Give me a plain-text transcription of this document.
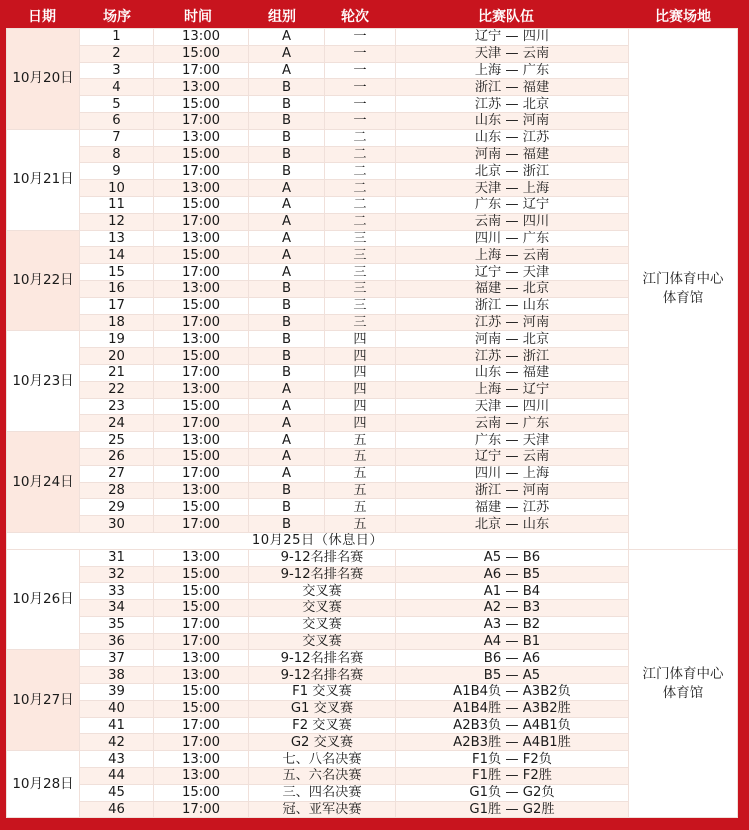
日期	场序	时间	组别	轮次	比赛队伍	比赛场地
10月20日	1	13:00	A	一	辽宁 — 四川	江门体育中心
体育馆
	2	15:00	A	一	天津 — 云南	
	3	17:00	A	一	上海 — 广东	
	4	13:00	B	一	浙江 — 福建	
	5	15:00	B	一	江苏 — 北京	
	6	17:00	B	一	山东 — 河南	
10月21日	7	13:00	B	二	山东 — 江苏	
	8	15:00	B	二	河南 — 福建	
	9	17:00	B	二	北京 — 浙江	
	10	13:00	A	二	天津 — 上海	
	11	15:00	A	二	广东 — 辽宁	
	12	17:00	A	二	云南 — 四川	
10月22日	13	13:00	A	三	四川 — 广东	
	14	15:00	A	三	上海 — 云南	
	15	17:00	A	三	辽宁 — 天津	
	16	13:00	B	三	福建 — 北京	
	17	15:00	B	三	浙江 — 山东	
	18	17:00	B	三	江苏 — 河南	
10月23日	19	13:00	B	四	河南 — 北京	
	20	15:00	B	四	江苏 — 浙江	
	21	17:00	B	四	山东 — 福建	
	22	13:00	A	四	上海 — 辽宁	
	23	15:00	A	四	天津 — 四川	
	24	17:00	A	四	云南 — 广东	
10月24日	25	13:00	A	五	广东 — 天津	
	26	15:00	A	五	辽宁 — 云南	
	27	17:00	A	五	四川 — 上海	
	28	13:00	B	五	浙江 — 河南	
	29	15:00	B	五	福建 — 江苏	
	30	17:00	B	五	北京 — 山东	
10月25日（休息日）						
10月26日	31	13:00	9-12名排名赛		A5 — B6	江门体育中心
体育馆
	32	15:00	9-12名排名赛		A6 — B5	
	33	15:00	交叉赛		A1 — B4	
	34	15:00	交叉赛		A2 — B3	
	35	17:00	交叉赛		A3 — B2	
	36	17:00	交叉赛		A4 — B1	
10月27日	37	13:00	9-12名排名赛		B6 — A6	
	38	13:00	9-12名排名赛		B5 — A5	
	39	15:00	F1 交叉赛		A1B4负 — A3B2负	
	40	15:00	G1 交叉赛		A1B4胜 — A3B2胜	
	41	17:00	F2 交叉赛		A2B3负 — A4B1负	
	42	17:00	G2 交叉赛		A2B3胜 — A4B1胜	
10月28日	43	13:00	七、八名决赛		F1负 — F2负	
	44	13:00	五、六名决赛		F1胜 — F2胜	
	45	15:00	三、四名决赛		G1负 — G2负	
	46	17:00	冠、亚军决赛		G1胜 — G2胜	
